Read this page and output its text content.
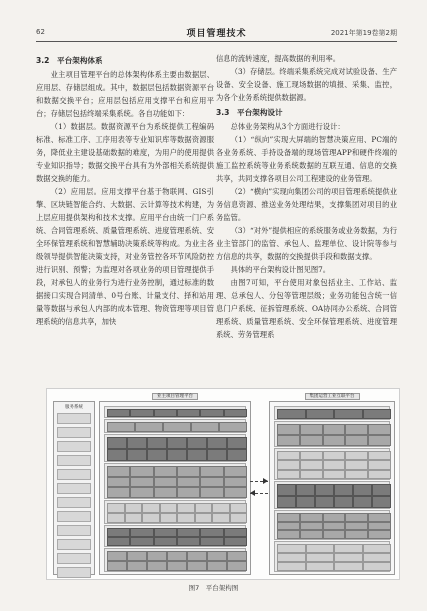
62	项目管理技术	2021年第19卷第2期
3.2　平台架构体系

业主项目管理平台的总体架构体系主要由数据层、应用层、存储层组成。其中，数据层包括数据资源平台和数据交换平台；应用层包括应用支撑平台和应用平台；存储层包括终端采集系统。各自功能如下：

（1）数据层。数据资源平台为系统提供工程编码标准、标准工序、工序用表等专业知识库等数据资源服务，降低业主建设基础数据的难度，为用户的使用提供专业知识指导；数据交换平台具有为外部相关系统提供数据交换的能力。

（2）应用层。应用支撑平台基于物联网、GIS引擎、区块链智能合约、大数据、云计算等技术构建，为上层应用提供架构和技术支撑。应用平台由统一门户系统、合同管理系统、质量管理系统、进度管理系统、安全环保管理系统和智慧辅助决策系统等构成。为业主各级领导提供智能决策支持，对业务管控各环节风险防控进行识别、预警；为监理对各项业务的项目管理提供手段，对承包人的业务行为进行业务控制，通过标准的数据接口实现合同清单、0号台账、计量支付、择和站用量等数据与承包人内部的成本管理、物资管理等项目管理系统的信息共享，加快

信息的流转速度，提高数据的利用率。

（3）存储层。终端采集系统完成对试验设备、生产设备、安全设备、施工现场数据的填报、采集、监控，为各个业务系统提供数据源。

3.3　平台架构设计

总体业务架构从3个方面进行设计：

（1）“纵向”实现大屏端的智慧决策应用、PC端的各业务系统、手持设备端的现场管理APP和硬件终端的施工监控系统等业务系统数据的互联互通、信息的交换共享，共同支撑各项目公司工程建设的业务管理。

（2）“横向”实现向集团公司的项目管理系统提供业务信息资源、推送业务处理结果，支撑集团对项目的业务监管。

（3）“对外”提供相应的系统服务或业务数据，为行业主管部门的监管、承包人、监理单位、设计院等参与方信息的共享，数据的交换提供手段和数据支撑。

具体的平台架构设计图见图7。

由图7可知，平台使用对象包括业主、工作站、监理、总承包人、分包等管理层级；业务功能包含统一信息门户系统、征拆管理系统、OA协同办公系统、合同管理系统、质量管理系统、安全环保管理系统、进度管理系统、劳务管理系

服务系统
业主项目管理平台	集团运营工业互联平台
图7　平台架构图
